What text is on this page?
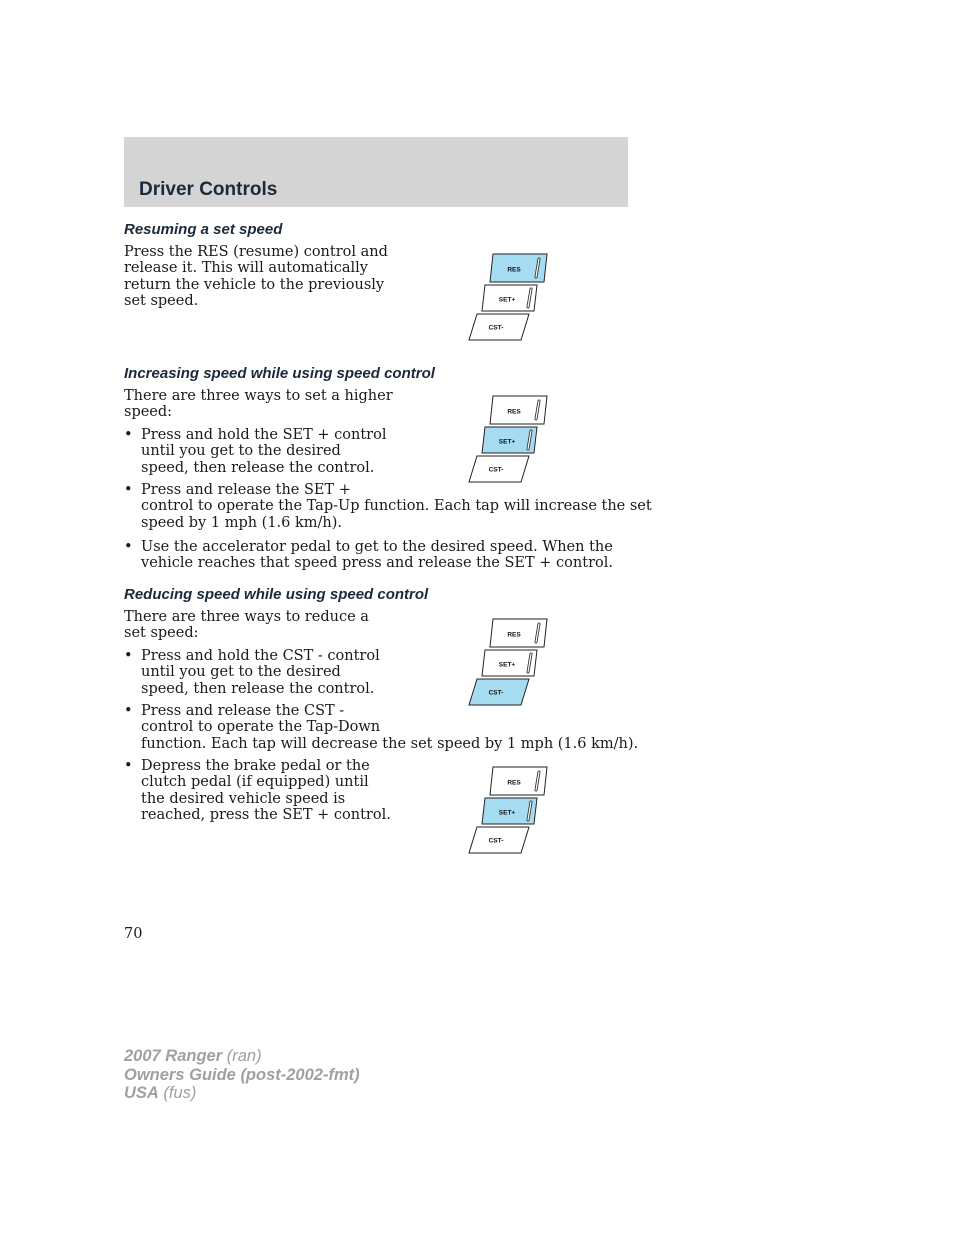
Driver Controls
Resuming a set speed

Press the RES (resume) control and
release it. This will automatically
return the vehicle to the previously
set speed.

RES
SET+
CST-
Increasing speed while using speed control

There are three ways to set a higher
speed:

• Press and hold the SET + control
until you get to the desired
speed, then release the control.
• Press and release the SET +
control to operate the Tap-Up function. Each tap will increase the set
speed by 1 mph (1.6 km/h).
• Use the accelerator pedal to get to the desired speed. When the
vehicle reaches that speed press and release the SET + control.
RES
SET+
CST-
Reducing speed while using speed control

There are three ways to reduce a
set speed:

• Press and hold the CST - control
until you get to the desired
speed, then release the control.
• Press and release the CST -
control to operate the Tap-Down
function. Each tap will decrease the set speed by 1 mph (1.6 km/h).
• Depress the brake pedal or the
clutch pedal (if equipped) until
the desired vehicle speed is
reached, press the SET + control.
RES
SET+
CST-
RES
SET+
CST-

70

2007 Ranger (ran)
Owners Guide (post-2002-fmt)
USA (fus)
